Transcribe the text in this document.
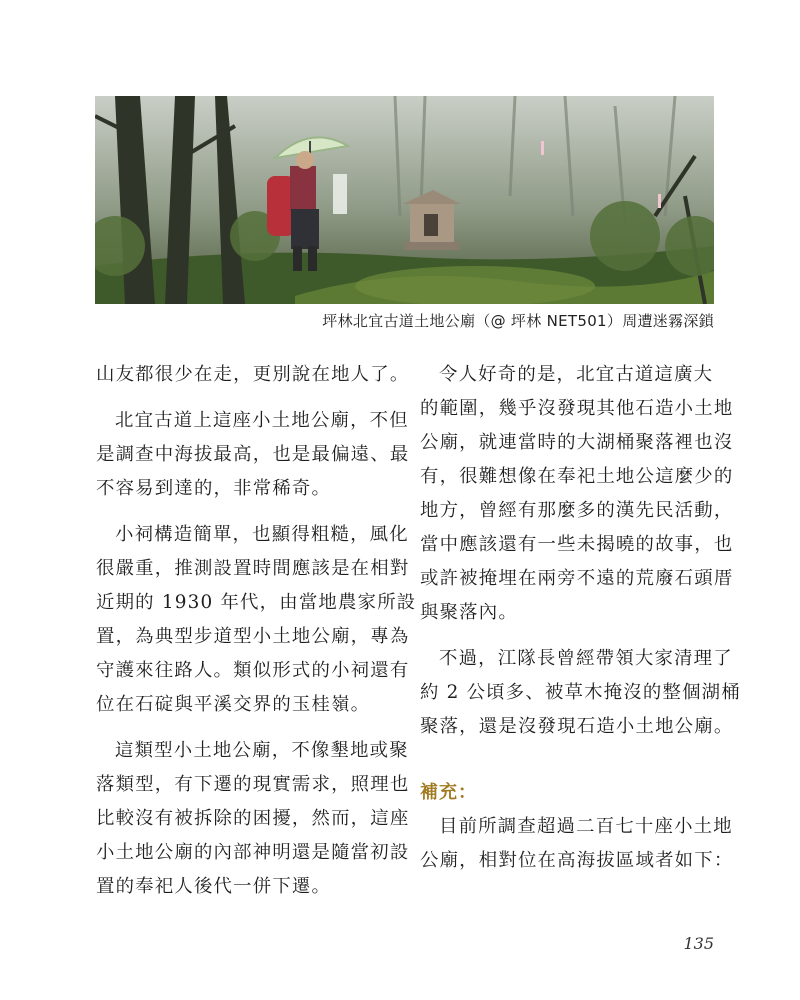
坪林北宜古道土地公廟（@ 坪林 NET501）周遭迷霧深鎖
山友都很少在走，更別說在地人了。
北宜古道上這座小土地公廟，不但
是調查中海拔最高，也是最偏遠、最
不容易到達的，非常稀奇。
小祠構造簡單，也顯得粗糙，風化
很嚴重，推測設置時間應該是在相對
近期的 1930 年代，由當地農家所設
置，為典型步道型小土地公廟，專為
守護來往路人。類似形式的小祠還有
位在石碇與平溪交界的玉桂嶺。
這類型小土地公廟，不像墾地或聚
落類型，有下遷的現實需求，照理也
比較沒有被拆除的困擾，然而，這座
小土地公廟的內部神明還是隨當初設
置的奉祀人後代一併下遷。
令人好奇的是，北宜古道這廣大
的範圍，幾乎沒發現其他石造小土地
公廟，就連當時的大湖桶聚落裡也沒
有，很難想像在奉祀土地公這麼少的
地方，曾經有那麼多的漢先民活動，
當中應該還有一些未揭曉的故事，也
或許被掩埋在兩旁不遠的荒廢石頭厝
與聚落內。
不過，江隊長曾經帶領大家清理了
約 2 公頃多、被草木掩沒的整個湖桶
聚落，還是沒發現石造小土地公廟。
補充：
目前所調查超過二百七十座小土地
公廟，相對位在高海拔區域者如下：
135
